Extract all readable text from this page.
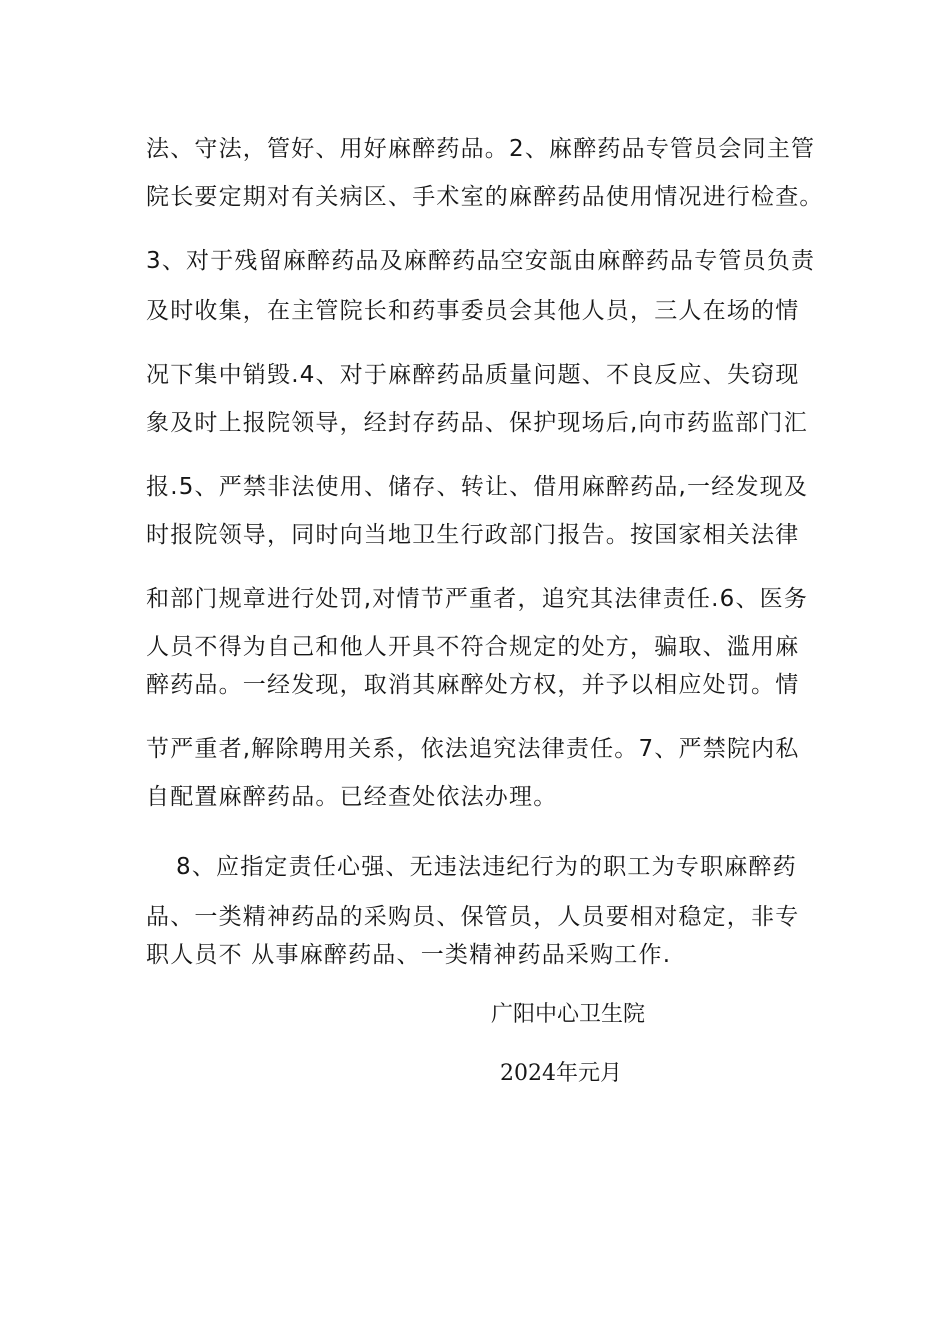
法、守法，管好、用好麻醉药品。2、麻醉药品专管员会同主管
院长要定期对有关病区、手术室的麻醉药品使用情况进行检查。
3、对于残留麻醉药品及麻醉药品空安瓿由麻醉药品专管员负责
及时收集，在主管院长和药事委员会其他人员，三人在场的情
况下集中销毁.4、对于麻醉药品质量问题、不良反应、失窃现
象及时上报院领导，经封存药品、保护现场后,向市药监部门汇
报.5、严禁非法使用、储存、转让、借用麻醉药品,一经发现及
时报院领导，同时向当地卫生行政部门报告。按国家相关法律
和部门规章进行处罚,对情节严重者，追究其法律责任.6、医务
人员不得为自己和他人开具不符合规定的处方，骗取、滥用麻
醉药品。一经发现，取消其麻醉处方权，并予以相应处罚。情
节严重者,解除聘用关系，依法追究法律责任。7、严禁院内私
自配置麻醉药品。已经查处依法办理。
8、应指定责任心强、无违法违纪行为的职工为专职麻醉药
品、一类精神药品的采购员、保管员，人员要相对稳定，非专
职人员不 从事麻醉药品、一类精神药品采购工作.
广阳中心卫生院
2024年元月
